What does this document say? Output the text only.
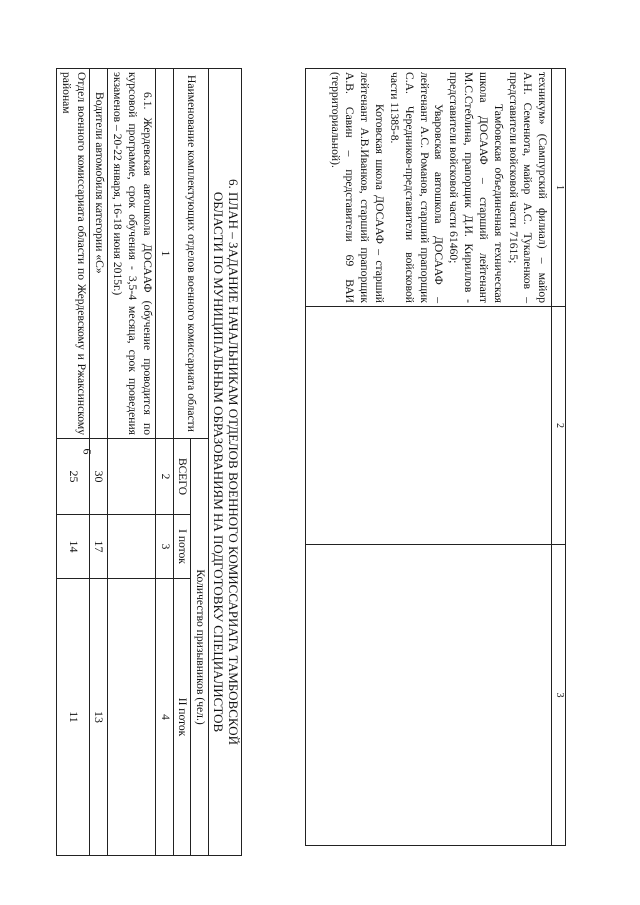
6
1	2	3

техникум» (Сампурский филиал) – майор А.Н. Семенюта, майор А.С. Тукаленков – представители войсковой части 71615;

Тамбовская объединенная техническая школа ДОСААФ – старший лейтенант М.С.Стеблина, прапорщик Д.И. Кириллов - представители войсковой части 61460;

Уваровская автошкола ДОСААФ – лейтенант А.С. Романов, старший прапорщик С.А. Чередников-представители войсковой части 11385-8.

Котовская школа ДОСААФ – старший лейтенант А.В.Иванков, старший прапорщик А.В. Савин – представители 69 ВАИ (территориальной).		

6. ПЛАН – ЗАДАНИЕ НАЧАЛЬНИКАМ ОТДЕЛОВ ВОЕННОГО КОМИССАРИАТА ТАМБОВСКОЙ
ОБЛАСТИ ПО МУНИЦИПАЛЬНЫМ ОБРАЗОВАНИЯМ НА ПОДГОТОВКУ СПЕЦИАЛИСТОВ			

Наименование комплектующих отделов военного комиссариата области	Количество призывников (чел.)		
	ВСЕГО	I поток	II поток
1	2	3	4

6.1. Жердевская автошкола ДОСААФ (обучение проводится по курсовой программе, срок обучения - 3,5-4 месяца, срок проведения экзаменов – 20-22 января, 16-18 июня 2015г.)			

Водители автомобиля категории «С»	30	17	13

Отдел военного комиссариата области по Жердевскому и Ржаксинскому районам	25	14	11
